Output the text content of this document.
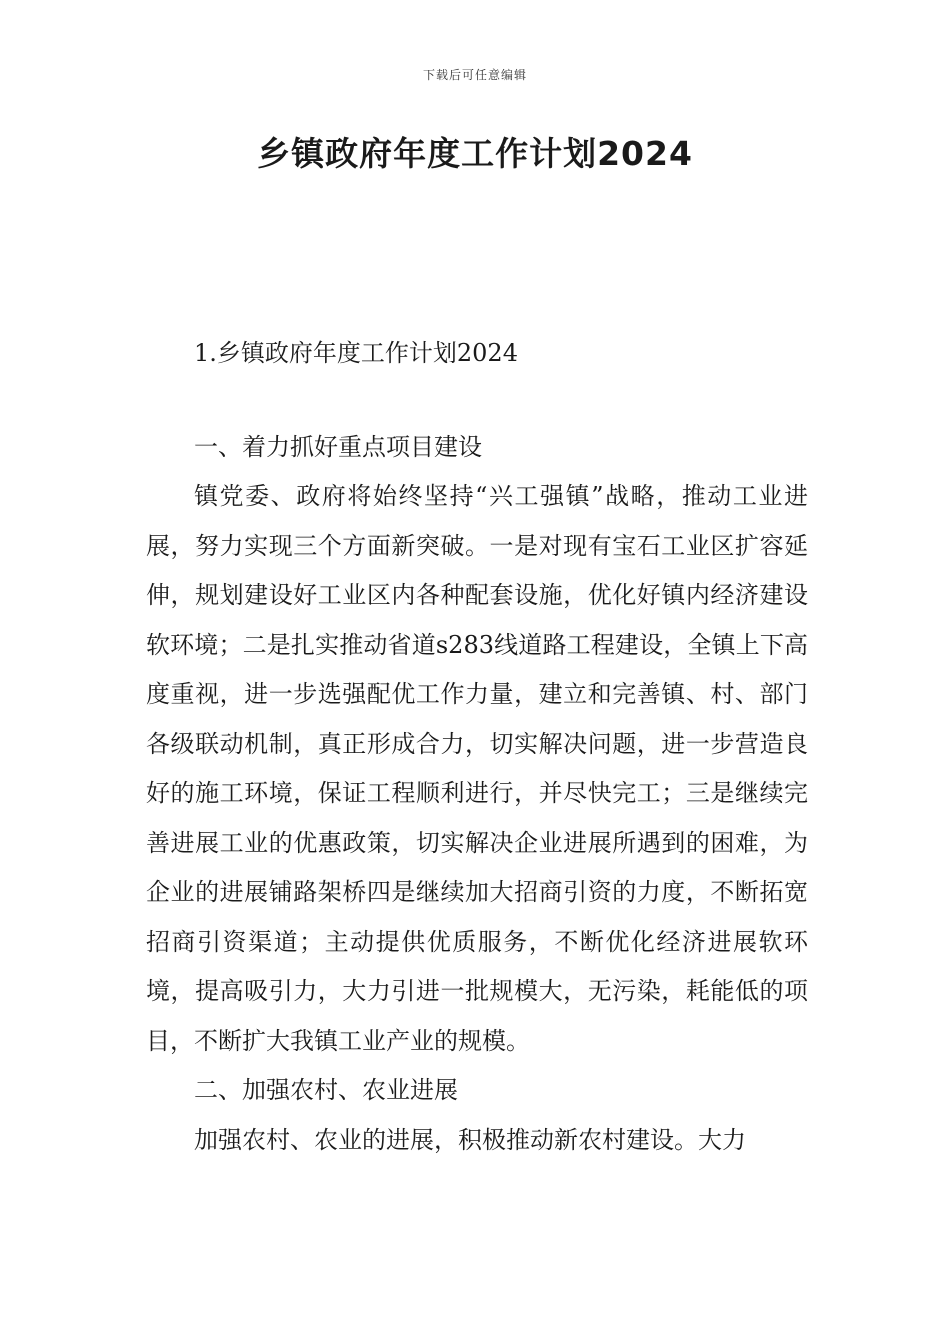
下载后可任意编辑
乡镇政府年度工作计划2024

1.乡镇政府年度工作计划2024

一、着力抓好重点项目建设

镇党委、政府将始终坚持“兴工强镇”战略，推动工业进展，努力实现三个方面新突破。一是对现有宝石工业区扩容延伸，规划建设好工业区内各种配套设施，优化好镇内经济建设软环境；二是扎实推动省道s283线道路工程建设，全镇上下高度重视，进一步选强配优工作力量，建立和完善镇、村、部门各级联动机制，真正形成合力，切实解决问题，进一步营造良好的施工环境，保证工程顺利进行，并尽快完工；三是继续完善进展工业的优惠政策，切实解决企业进展所遇到的困难，为企业的进展铺路架桥四是继续加大招商引资的力度，不断拓宽招商引资渠道；主动提供优质服务，不断优化经济进展软环境，提高吸引力，大力引进一批规模大，无污染，耗能低的项目，不断扩大我镇工业产业的规模。

二、加强农村、农业进展

加强农村、农业的进展，积极推动新农村建设。大力
